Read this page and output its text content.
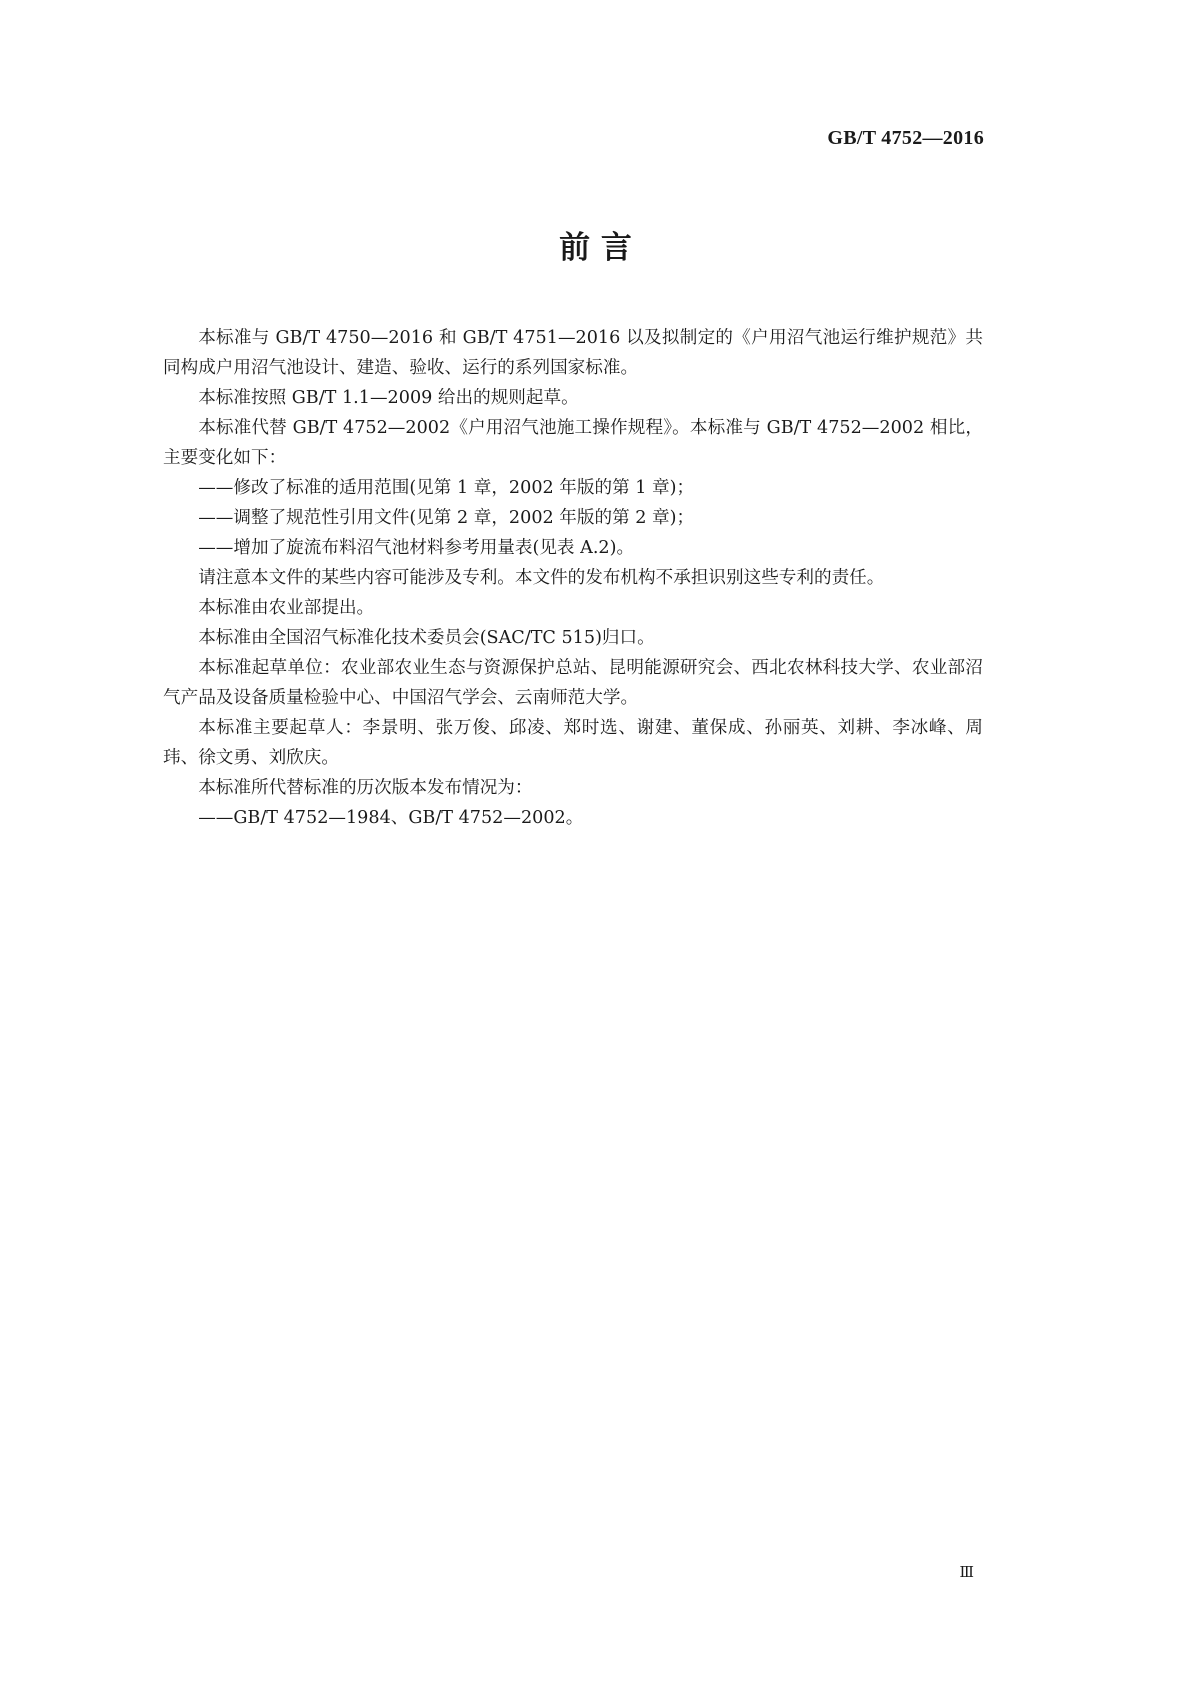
GB/T 4752—2016
前 言

本标准与 GB/T 4750—2016 和 GB/T 4751—2016 以及拟制定的《户用沼气池运行维护规范》共同构成户用沼气池设计、建造、验收、运行的系列国家标准。

本标准按照 GB/T 1.1—2009 给出的规则起草。

本标准代替 GB/T 4752—2002《户用沼气池施工操作规程》。本标准与 GB/T 4752—2002 相比，主要变化如下：

——修改了标准的适用范围(见第 1 章，2002 年版的第 1 章)；

——调整了规范性引用文件(见第 2 章，2002 年版的第 2 章)；

——增加了旋流布料沼气池材料参考用量表(见表 A.2)。

请注意本文件的某些内容可能涉及专利。本文件的发布机构不承担识别这些专利的责任。

本标准由农业部提出。

本标准由全国沼气标准化技术委员会(SAC/TC 515)归口。

本标准起草单位：农业部农业生态与资源保护总站、昆明能源研究会、西北农林科技大学、农业部沼气产品及设备质量检验中心、中国沼气学会、云南师范大学。

本标准主要起草人：李景明、张万俊、邱凌、郑时选、谢建、董保成、孙丽英、刘耕、李冰峰、周玮、徐文勇、刘欣庆。

本标准所代替标准的历次版本发布情况为：

——GB/T 4752—1984、GB/T 4752—2002。

Ⅲ
